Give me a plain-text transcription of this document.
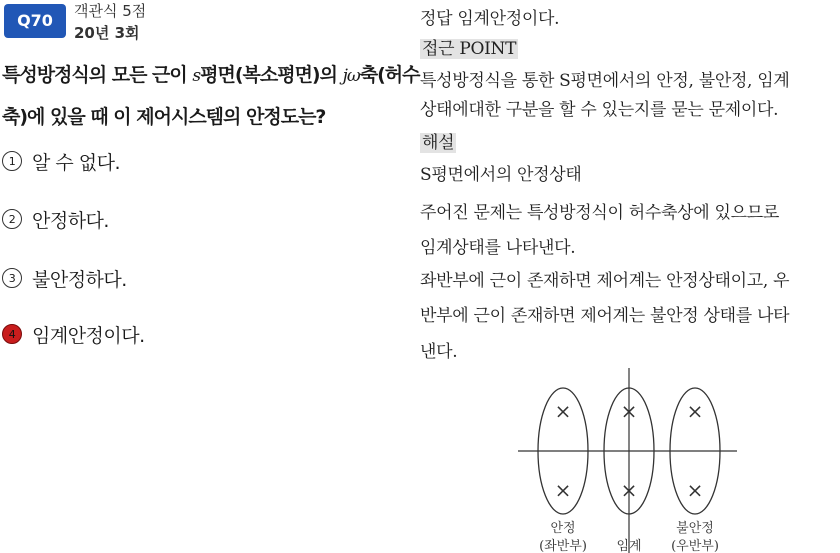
Q70	객관식 5점
20년 3회
특성방정식의 모든 근이 s평면(복소평면)의 jω축(허수
축)에 있을 때 이 제어시스템의 안정도는?
1 알 수 없다.
2 안정하다.
3 불안정하다.
4 임계안정이다.
정답 임계안정이다.
접근 POINT
특성방정식을 통한 S평면에서의 안정, 불안정, 임계
상태에대한 구분을 할 수 있는지를 묻는 문제이다.
해설
S평면에서의 안정상태
주어진 문제는 특성방정식이 허수축상에 있으므로
임계상태를 나타낸다.
좌반부에 근이 존재하면 제어계는 안정상태이고, 우
반부에 근이 존재하면 제어계는 불안정 상태를 나타
낸다.
×
×
×
×
×
×
안정
(좌반부) 임계
불안정
(우반부)
